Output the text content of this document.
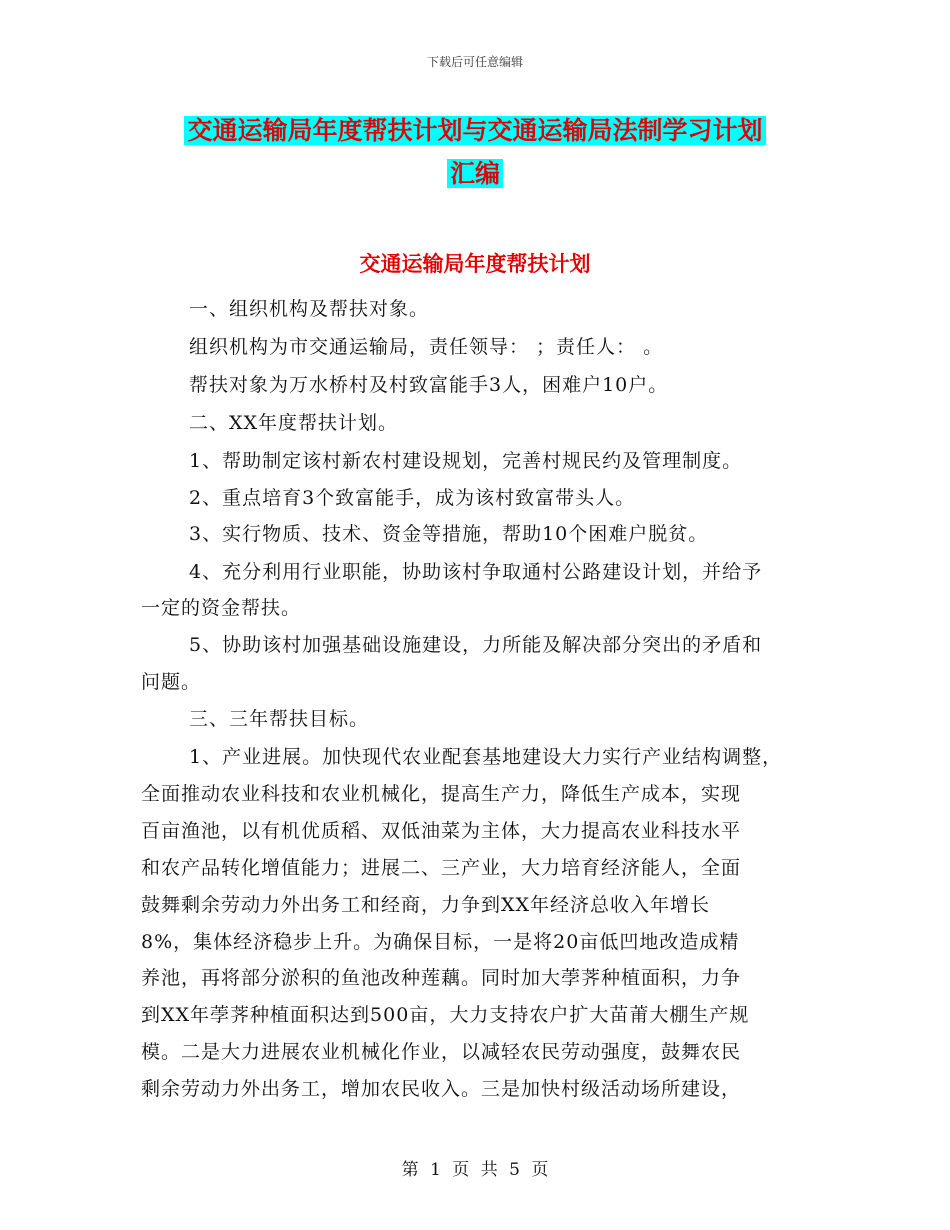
下载后可任意编辑
交通运输局年度帮扶计划与交通运输局法制学习计划
汇编
交通运输局年度帮扶计划
一、组织机构及帮扶对象。
组织机构为市交通运输局，责任领导： ；责任人： 。
帮扶对象为万水桥村及村致富能手3人，困难户10户。
二、XX年度帮扶计划。
1、帮助制定该村新农村建设规划，完善村规民约及管理制度。
2、重点培育3个致富能手，成为该村致富带头人。
3、实行物质、技术、资金等措施，帮助10个困难户脱贫。
4、充分利用行业职能，协助该村争取通村公路建设计划，并给予
一定的资金帮扶。
5、协助该村加强基础设施建设，力所能及解决部分突出的矛盾和
问题。
三、三年帮扶目标。
1、产业进展。加快现代农业配套基地建设大力实行产业结构调整，
全面推动农业科技和农业机械化，提高生产力，降低生产成本，实现
百亩渔池，以有机优质稻、双低油菜为主体，大力提高农业科技水平
和农产品转化增值能力；进展二、三产业，大力培育经济能人，全面
鼓舞剩余劳动力外出务工和经商，力争到XX年经济总收入年增长
8%，集体经济稳步上升。为确保目标，一是将20亩低凹地改造成精
养池，再将部分淤积的鱼池改种莲藕。同时加大荸荠种植面积，力争
到XX年荸荠种植面积达到500亩，大力支持农户扩大苗莆大棚生产规
模。二是大力进展农业机械化作业，以减轻农民劳动强度，鼓舞农民
剩余劳动力外出务工，增加农民收入。三是加快村级活动场所建设，
第 1 页 共 5 页
